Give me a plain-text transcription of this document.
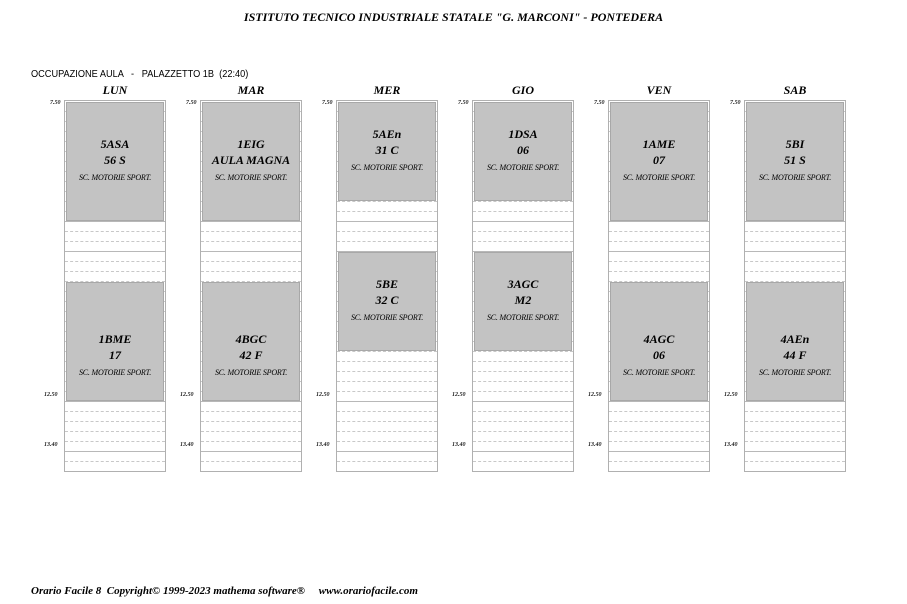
ISTITUTO TECNICO INDUSTRIALE STATALE "G. MARCONI" - PONTEDERA
OCCUPAZIONE AULA - PALAZZETTO 1B (22:40)
LUN
5ASA
56 S
SC. MOTORIE SPORT.
1BME
17
SC. MOTORIE SPORT.
7.50
12.50
13.40
MAR
1EIG
AULA MAGNA
SC. MOTORIE SPORT.
4BGC
42 F
SC. MOTORIE SPORT.
7.50
12.50
13.40
MER
5AEn
31 C
SC. MOTORIE SPORT.
5BE
32 C
SC. MOTORIE SPORT.
7.50
12.50
13.40
GIO
1DSA
06
SC. MOTORIE SPORT.
3AGC
M2
SC. MOTORIE SPORT.
7.50
12.50
13.40
VEN
1AME
07
SC. MOTORIE SPORT.
4AGC
06
SC. MOTORIE SPORT.
7.50
12.50
13.40
SAB
5BI
51 S
SC. MOTORIE SPORT.
4AEn
44 F
SC. MOTORIE SPORT.
7.50
12.50
13.40
Orario Facile 8  Copyright© 1999-2023 mathema software®     www.orariofacile.com
